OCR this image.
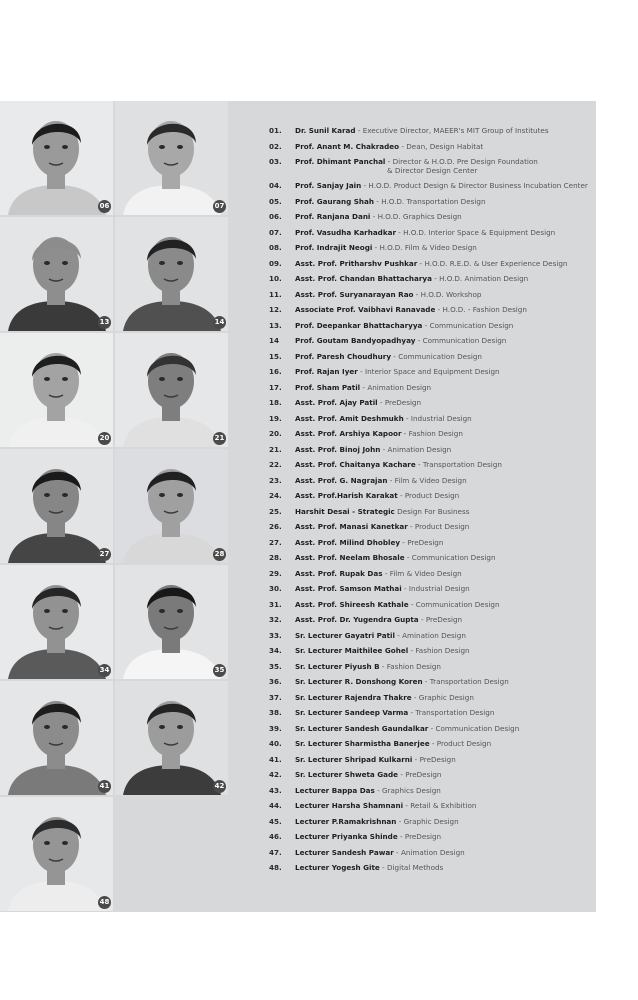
06	07
13	14
20	21
27	28
34	35
41	42
48
01.	Dr. Sunil Karad - Executive Director, MAEER's MIT Group of Institutes
02.	Prof. Anant M. Chakradeo - Dean, Design Habitat
03.	Prof. Dhimant Panchal - Director & H.O.D. Pre Design Foundation
& Director Design Center
04.	Prof. Sanjay Jain - H.O.D. Product Design & Director Business Incubation Center
05.	Prof. Gaurang Shah - H.O.D. Transportation Design
06.	Prof. Ranjana Dani - H.O.D. Graphics Design
07.	Prof. Vasudha Karhadkar - H.O.D. Interior Space & Equipment Design
08.	Prof. Indrajit Neogi - H.O.D. Film & Video Design
09.	Asst. Prof. Pritharshv Pushkar - H.O.D. R.E.D. & User Experience Design
10.	Asst. Prof. Chandan Bhattacharya - H.O.D. Animation Design
11.	Asst. Prof. Suryanarayan Rao - H.O.D. Workshop
12.	Associate Prof. Vaibhavi Ranavade - H.O.D. - Fashion Design
13.	Prof. Deepankar Bhattacharyya - Communication Design
14	Prof. Goutam Bandyopadhyay - Communication Design
15.	Prof. Paresh Choudhury - Communication Design
16.	Prof. Rajan Iyer - Interior Space and Equipment Design
17.	Prof. Sham Patil - Animation Design
18.	Asst. Prof. Ajay Patil - PreDesign
19.	Asst. Prof. Amit Deshmukh - Industrial Design
20.	Asst. Prof. Arshiya Kapoor - Fashion Design
21.	Asst. Prof. Binoj John - Animation Design
22.	Asst. Prof. Chaitanya Kachare - Transportation Design
23.	Asst. Prof. G. Nagrajan - Film & Video Design
24.	Asst. Prof.Harish Karakat - Product Design
25.	Harshit Desai - Strategic Design For Business
26.	Asst. Prof. Manasi Kanetkar - Product Design
27.	Asst. Prof. Milind Dhobley - PreDesign
28.	Asst. Prof. Neelam Bhosale - Communication Design
29.	Asst. Prof. Rupak Das - Film & Video Design
30.	Asst. Prof. Samson Mathai - Industrial Design
31.	Asst. Prof. Shireesh Kathale - Communication Design
32.	Asst. Prof. Dr. Yugendra Gupta - PreDesign
33.	Sr. Lecturer Gayatri Patil - Amination Design
34.	Sr. Lecturer Maithilee Gohel - Fashion Design
35.	Sr. Lecturer Piyush B - Fashion Design
36.	Sr. Lecturer R. Donshong Koren - Transportation Design
37.	Sr. Lecturer Rajendra Thakre - Graphic Design
38.	Sr. Lecturer Sandeep Varma - Transportation Design
39.	Sr. Lecturer Sandesh Gaundalkar - Communication Design
40.	Sr. Lecturer Sharmistha Banerjee - Product Design
41.	Sr. Lecturer Shripad Kulkarni - PreDesign
42.	Sr. Lecturer Shweta Gade - PreDesign
43.	Lecturer Bappa Das - Graphics Design
44.	Lecturer Harsha Shamnani - Retail & Exhibition
45.	Lecturer P.Ramakrishnan - Graphic Design
46.	Lecturer Priyanka Shinde - PreDesign
47.	Lecturer Sandesh Pawar - Animation Design
48.	Lecturer Yogesh Gite - Digital Methods
